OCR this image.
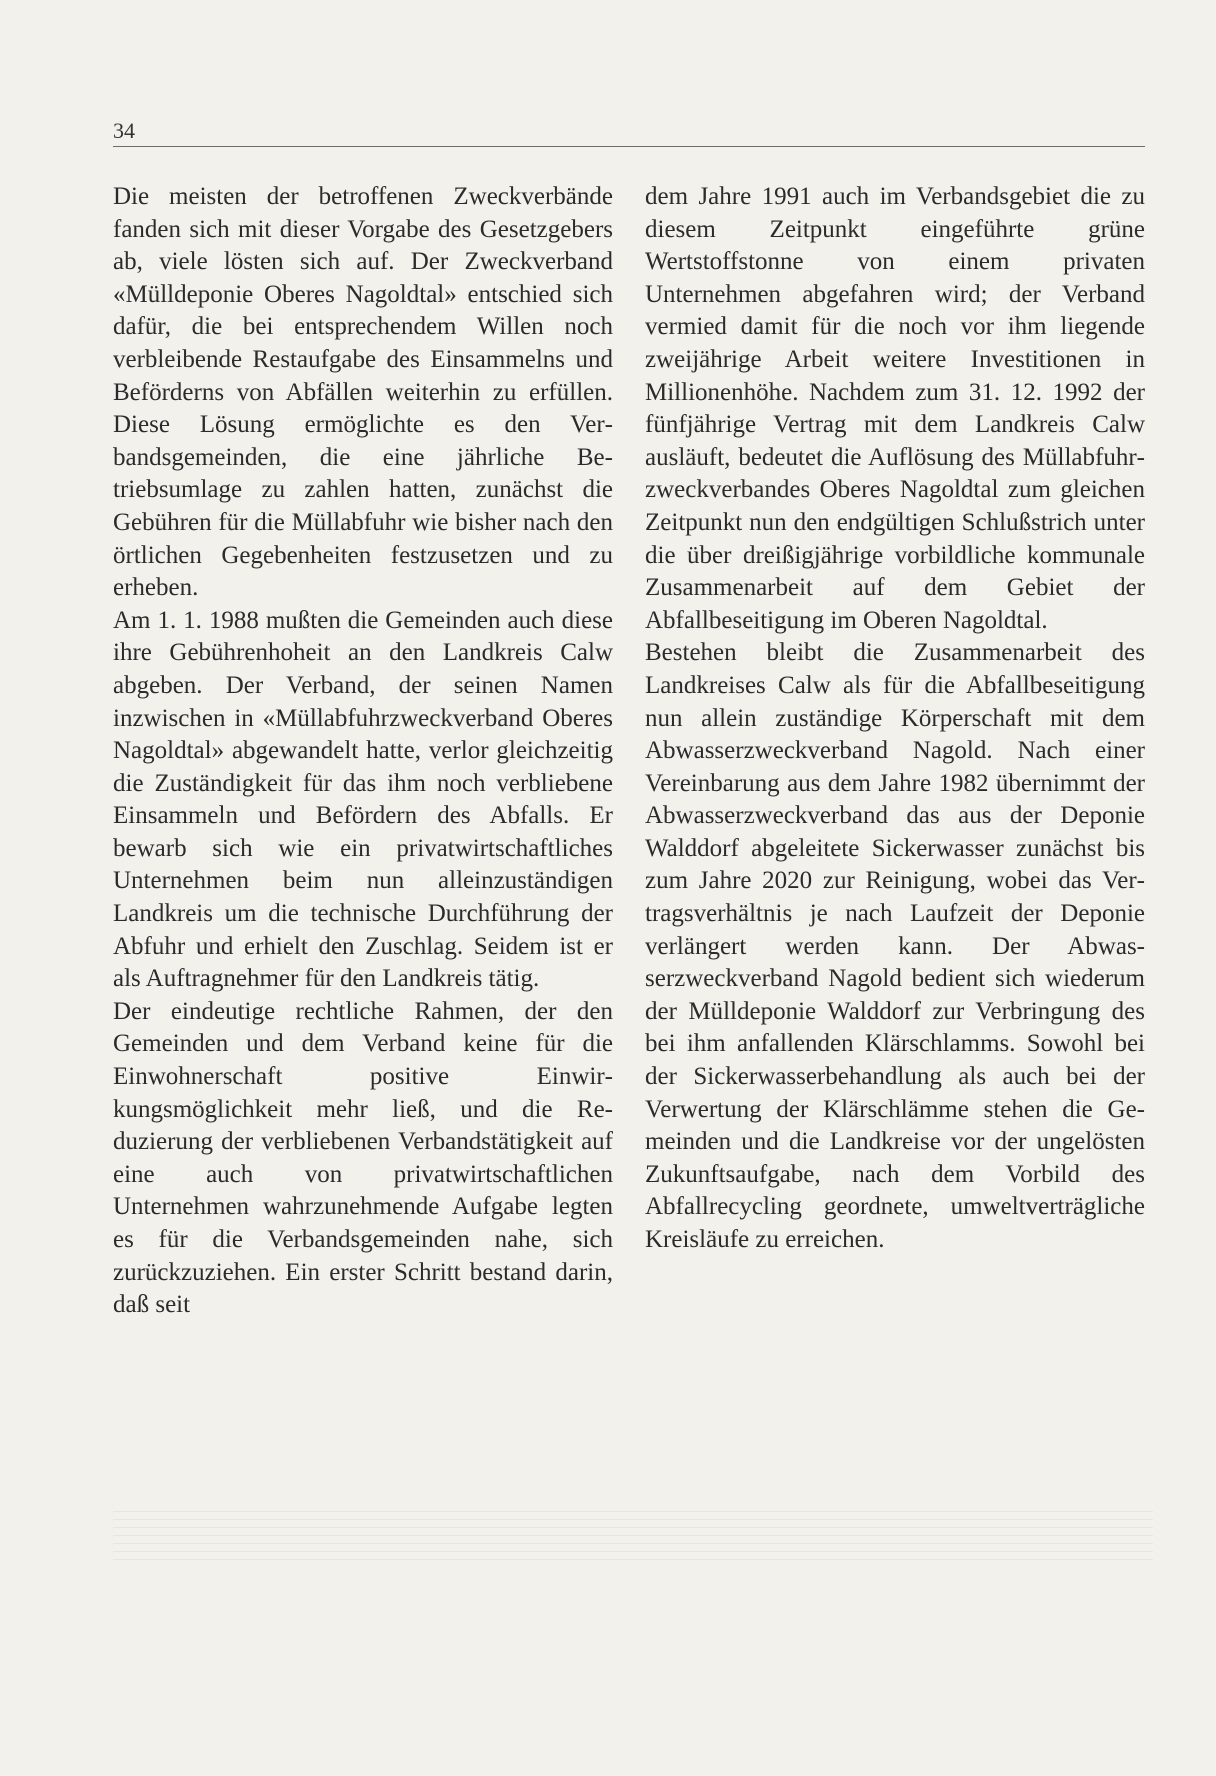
34

Die meisten der betroffenen Zweckverbände fanden sich mit dieser Vorgabe des Gesetzgebers ab, viele lösten sich auf. Der Zweckverband «Mülldeponie Oberes Nagoldtal» entschied sich dafür, die bei entsprechendem Willen noch verbleibende Restaufgabe des Einsammelns und Beförderns von Abfällen weiterhin zu erfüllen. Diese Lösung ermöglichte es den Verbandsgemeinden, die eine jährliche Betriebsumlage zu zahlen hatten, zunächst die Gebühren für die Müllabfuhr wie bisher nach den örtlichen Gegebenheiten festzusetzen und zu erheben.

Am 1. 1. 1988 mußten die Gemeinden auch diese ihre Gebührenhoheit an den Landkreis Calw abgeben. Der Verband, der seinen Namen inzwischen in «Müllabfuhrzweckverband Oberes Nagoldtal» abgewandelt hatte, verlor gleichzeitig die Zuständigkeit für das ihm noch verbliebene Einsammeln und Befördern des Abfalls. Er bewarb sich wie ein privatwirtschaftliches Unternehmen beim nun alleinzuständigen Landkreis um die technische Durchführung der Abfuhr und erhielt den Zuschlag. Seidem ist er als Auftragnehmer für den Landkreis tätig.

Der eindeutige rechtliche Rahmen, der den Gemeinden und dem Verband keine für die Einwohnerschaft positive Einwirkungsmöglichkeit mehr ließ, und die Reduzierung der verbliebenen Verbandstätigkeit auf eine auch von privatwirtschaftlichen Unternehmen wahrzunehmende Aufgabe legten es für die Verbandsgemeinden nahe, sich zurückzuziehen. Ein erster Schritt bestand darin, daß seit

dem Jahre 1991 auch im Verbandsgebiet die zu diesem Zeitpunkt eingeführte grüne Wertstoffstonne von einem privaten Unternehmen abgefahren wird; der Verband vermied damit für die noch vor ihm liegende zweijährige Arbeit weitere Investitionen in Millionenhöhe. Nachdem zum 31. 12. 1992 der fünfjährige Vertrag mit dem Landkreis Calw ausläuft, bedeutet die Auflösung des Müllabfuhrzweckverbandes Oberes Nagoldtal zum gleichen Zeitpunkt nun den endgültigen Schlußstrich unter die über dreißigjährige vorbildliche kommunale Zusammenarbeit auf dem Gebiet der Abfallbeseitigung im Oberen Nagoldtal.

Bestehen bleibt die Zusammenarbeit des Landkreises Calw als für die Abfallbeseitigung nun allein zuständige Körperschaft mit dem Abwasserzweckverband Nagold. Nach einer Vereinbarung aus dem Jahre 1982 übernimmt der Abwasserzweckverband das aus der Deponie Walddorf abgeleitete Sickerwasser zunächst bis zum Jahre 2020 zur Reinigung, wobei das Vertragsverhältnis je nach Laufzeit der Deponie verlängert werden kann. Der Abwasserzweckverband Nagold bedient sich wiederum der Mülldeponie Walddorf zur Verbringung des bei ihm anfallenden Klärschlamms. Sowohl bei der Sickerwasserbehandlung als auch bei der Verwertung der Klärschlämme stehen die Gemeinden und die Landkreise vor der ungelösten Zukunftsaufgabe, nach dem Vorbild des Abfallrecycling geordnete, umweltverträgliche Kreisläufe zu erreichen.
